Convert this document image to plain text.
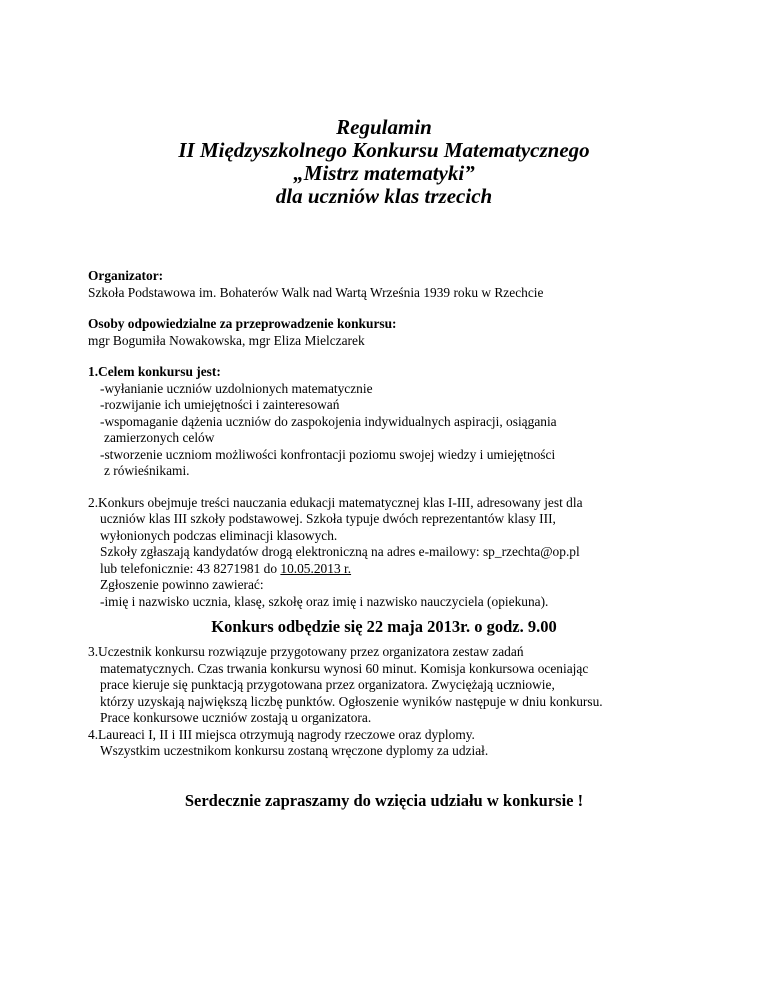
Regulamin
II Międzyszkolnego Konkursu Matematycznego
„Mistrz matematyki”
dla uczniów klas trzecich
Organizator:
Szkoła Podstawowa im. Bohaterów Walk nad Wartą Września 1939 roku w Rzechcie
Osoby odpowiedzialne za przeprowadzenie konkursu:
mgr Bogumiła Nowakowska, mgr Eliza Mielczarek
1.Celem konkursu jest:
-wyłanianie uczniów uzdolnionych matematycznie
-rozwijanie ich umiejętności i zainteresowań
-wspomaganie dążenia uczniów do zaspokojenia indywidualnych aspiracji, osiągania
zamierzonych celów
-stworzenie uczniom możliwości konfrontacji poziomu swojej wiedzy i umiejętności
z rówieśnikami.
2.Konkurs obejmuje treści nauczania edukacji matematycznej klas I-III, adresowany jest dla
uczniów klas III szkoły podstawowej. Szkoła typuje dwóch reprezentantów klasy III,
wyłonionych podczas eliminacji klasowych.
Szkoły zgłaszają kandydatów drogą elektroniczną na adres e-mailowy: sp_rzechta@op.pl
lub telefonicznie: 43 8271981 do 10.05.2013 r.
Zgłoszenie powinno zawierać:
-imię i nazwisko ucznia, klasę, szkołę oraz imię i nazwisko nauczyciela (opiekuna).
Konkurs odbędzie się 22 maja 2013r. o godz. 9.00
3.Uczestnik konkursu rozwiązuje przygotowany przez organizatora zestaw zadań
matematycznych. Czas trwania konkursu wynosi 60 minut. Komisja konkursowa oceniając
prace kieruje się punktacją przygotowana przez organizatora. Zwyciężają uczniowie,
którzy uzyskają największą liczbę punktów. Ogłoszenie wyników następuje w dniu konkursu.
Prace konkursowe uczniów zostają u organizatora.
4.Laureaci I, II i III miejsca otrzymują nagrody rzeczowe oraz dyplomy.
Wszystkim uczestnikom konkursu zostaną wręczone dyplomy za udział.
Serdecznie zapraszamy do wzięcia udziału w konkursie !
